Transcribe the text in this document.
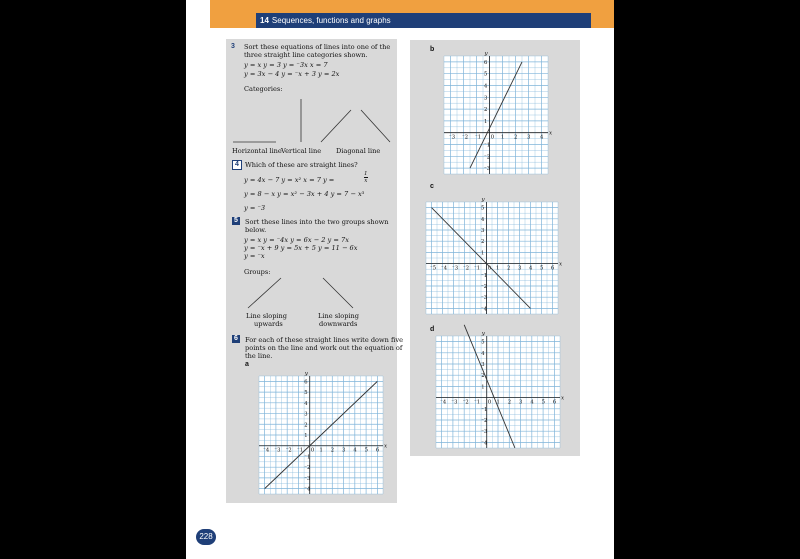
14 Sequences, functions and graphs
3 Sort these equations of lines into one of the
three straight line categories shown.
y = x y = 3 y = ⁻3x x = 7
y = 3x − 4 y = ⁻x + 3 y = 2x
Categories:
Horizontal line Vertical line Diagonal line
4 Which of these are straight lines?
y = 4x − 7 y = x² x = 7 y =	$\frac{1}{x}$
y = 8 − x y = x² − 3x + 4 y = 7 − x³
y = ⁻3
5	Sort these lines into the two groups shown
below.
y = x y = ⁻4x y = 6x − 2 y = 7x
y = ⁻x + 9 y = 5x + 5 y = 11 − 6x
y = ⁻x
Groups:
Line sloping
upwards
Line sloping
downwards
6	For each of these straight lines write down five
points on the line and work out the equation of
the line.
a
x
y
⁻4 ⁻3 ⁻2 ⁻1	1 2 3 4 5 6
⁻4
⁻3
⁻2
⁻1
1
2
3
4
5
6
0
b
x
y
⁻3 ⁻2 ⁻1	1 2 3 4
⁻3
⁻2
⁻1
1
2
3
4
5
6
0
c
x
y
⁻5 ⁻4 ⁻3 ⁻2 ⁻1	1 2 3 4 5 6
⁻4
⁻3
⁻2
⁻1
1
2
3
4
5
0
d
x
y
⁻4 ⁻3 ⁻2 ⁻1	1 2 3 4 5 6
⁻4
⁻3
⁻2
⁻1
1
2
3
4
5
0
228
